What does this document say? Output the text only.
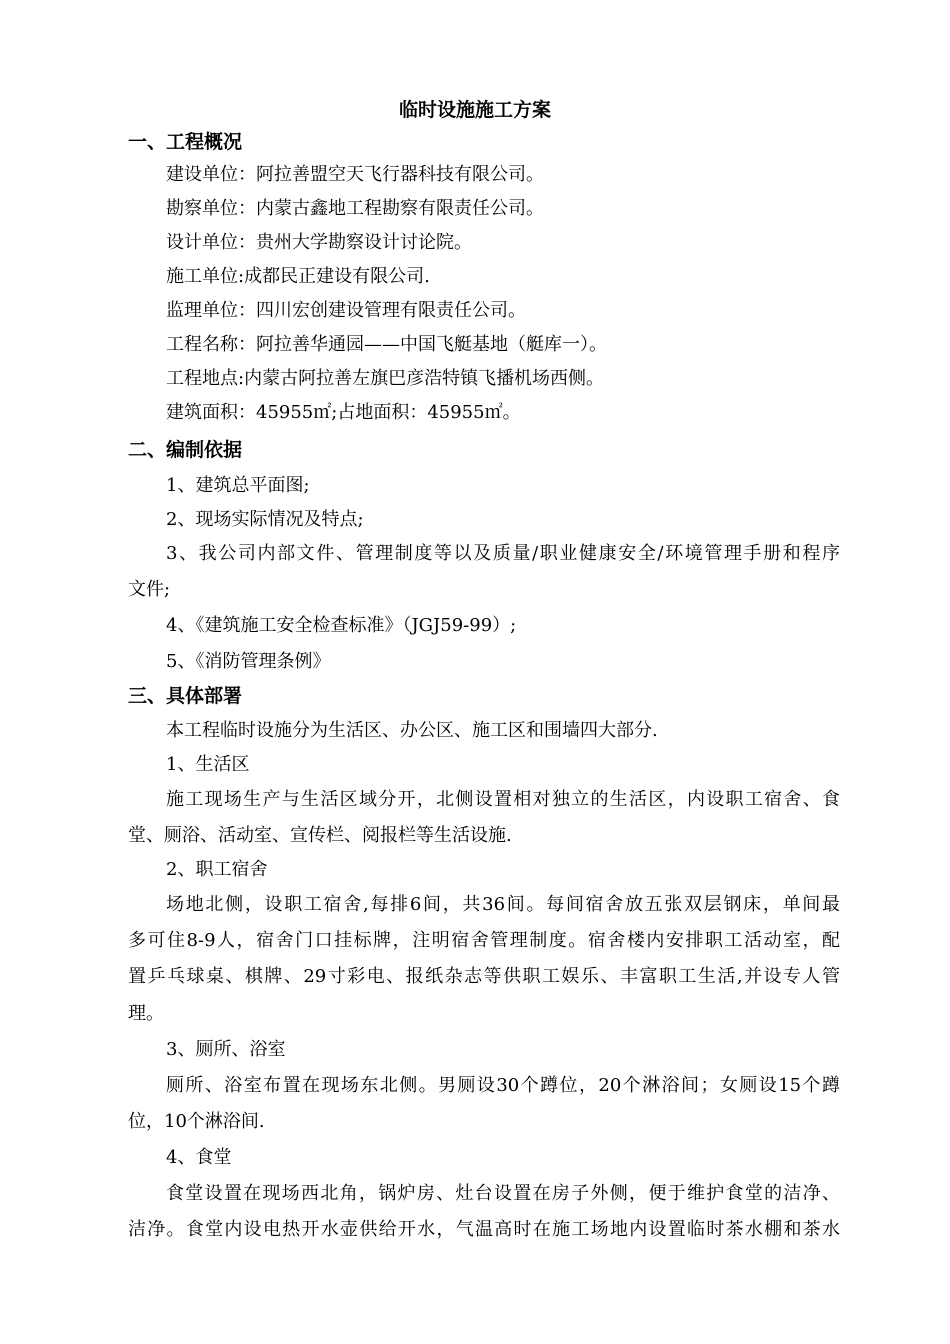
临时设施施工方案
一、工程概况
建设单位：阿拉善盟空天飞行器科技有限公司。
勘察单位：内蒙古鑫地工程勘察有限责任公司。
设计单位：贵州大学勘察设计讨论院。
施工单位:成都民正建设有限公司.
监理单位：四川宏创建设管理有限责任公司。
工程名称：阿拉善华通园——中国飞艇基地（艇库一）。
工程地点:内蒙古阿拉善左旗巴彦浩特镇飞播机场西侧。
建筑面积：45955㎡;占地面积：45955㎡。
二、编制依据
1、建筑总平面图;
2、现场实际情况及特点;
3、我公司内部文件、管理制度等以及质量/职业健康安全/环境管理手册和程序
文件;
4、《建筑施工安全检查标准》（JGJ59-99）;
5、《消防管理条例》
三、具体部署
本工程临时设施分为生活区、办公区、施工区和围墙四大部分.
1、生活区
施工现场生产与生活区域分开，北侧设置相对独立的生活区，内设职工宿舍、食
堂、厕浴、活动室、宣传栏、阅报栏等生活设施.
2、职工宿舍
场地北侧，设职工宿舍,每排6间，共36间。每间宿舍放五张双层钢床，单间最
多可住8-9人，宿舍门口挂标牌，注明宿舍管理制度。宿舍楼内安排职工活动室，配
置乒乓球桌、棋牌、29寸彩电、报纸杂志等供职工娱乐、丰富职工生活,并设专人管
理。
3、厕所、浴室
厕所、浴室布置在现场东北侧。男厕设30个蹲位，20个淋浴间；女厕设15个蹲
位，10个淋浴间.
4、食堂
食堂设置在现场西北角，锅炉房、灶台设置在房子外侧，便于维护食堂的洁净、
洁净。食堂内设电热开水壶供给开水，气温高时在施工场地内设置临时茶水棚和茶水
